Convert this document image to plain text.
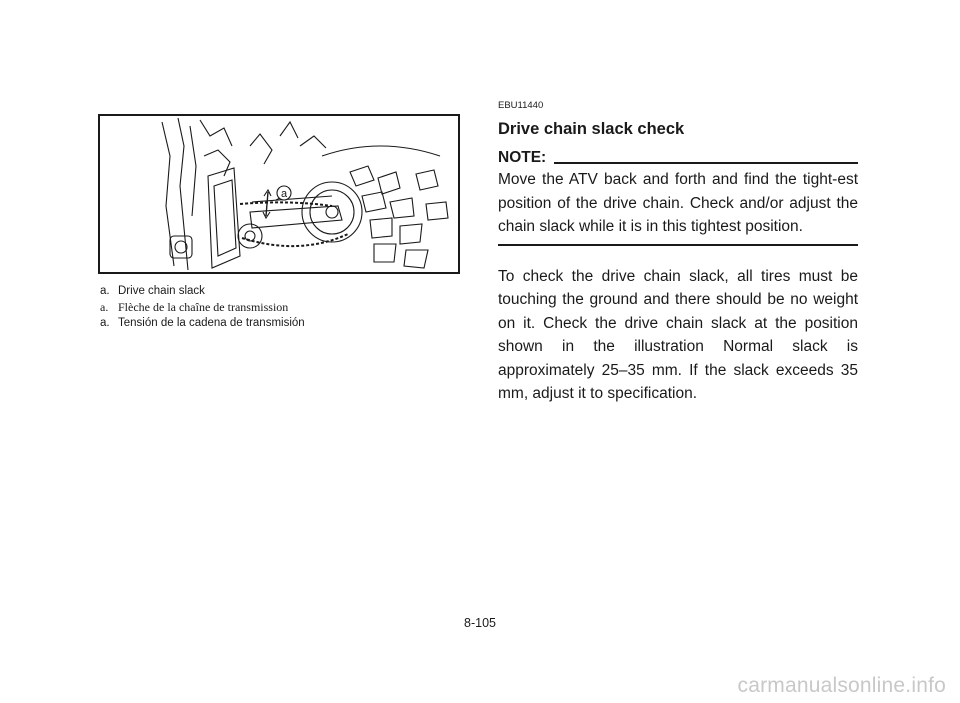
a
a. Drive chain slack
a. Flèche de la chaîne de transmission
a. Tensión de la cadena de transmisión
EBU11440
Drive chain slack check
NOTE:

Move the ATV back and forth and find the tight-est position of the drive chain. Check and/or adjust the chain slack while it is in this tightest position.

To check the drive chain slack, all tires must be touching the ground and there should be no weight on it. Check the drive chain slack at the position shown in the illustration Normal slack is approximately 25–35 mm. If the slack exceeds 35 mm, adjust it to specification.

8-105
carmanualsonline.info
